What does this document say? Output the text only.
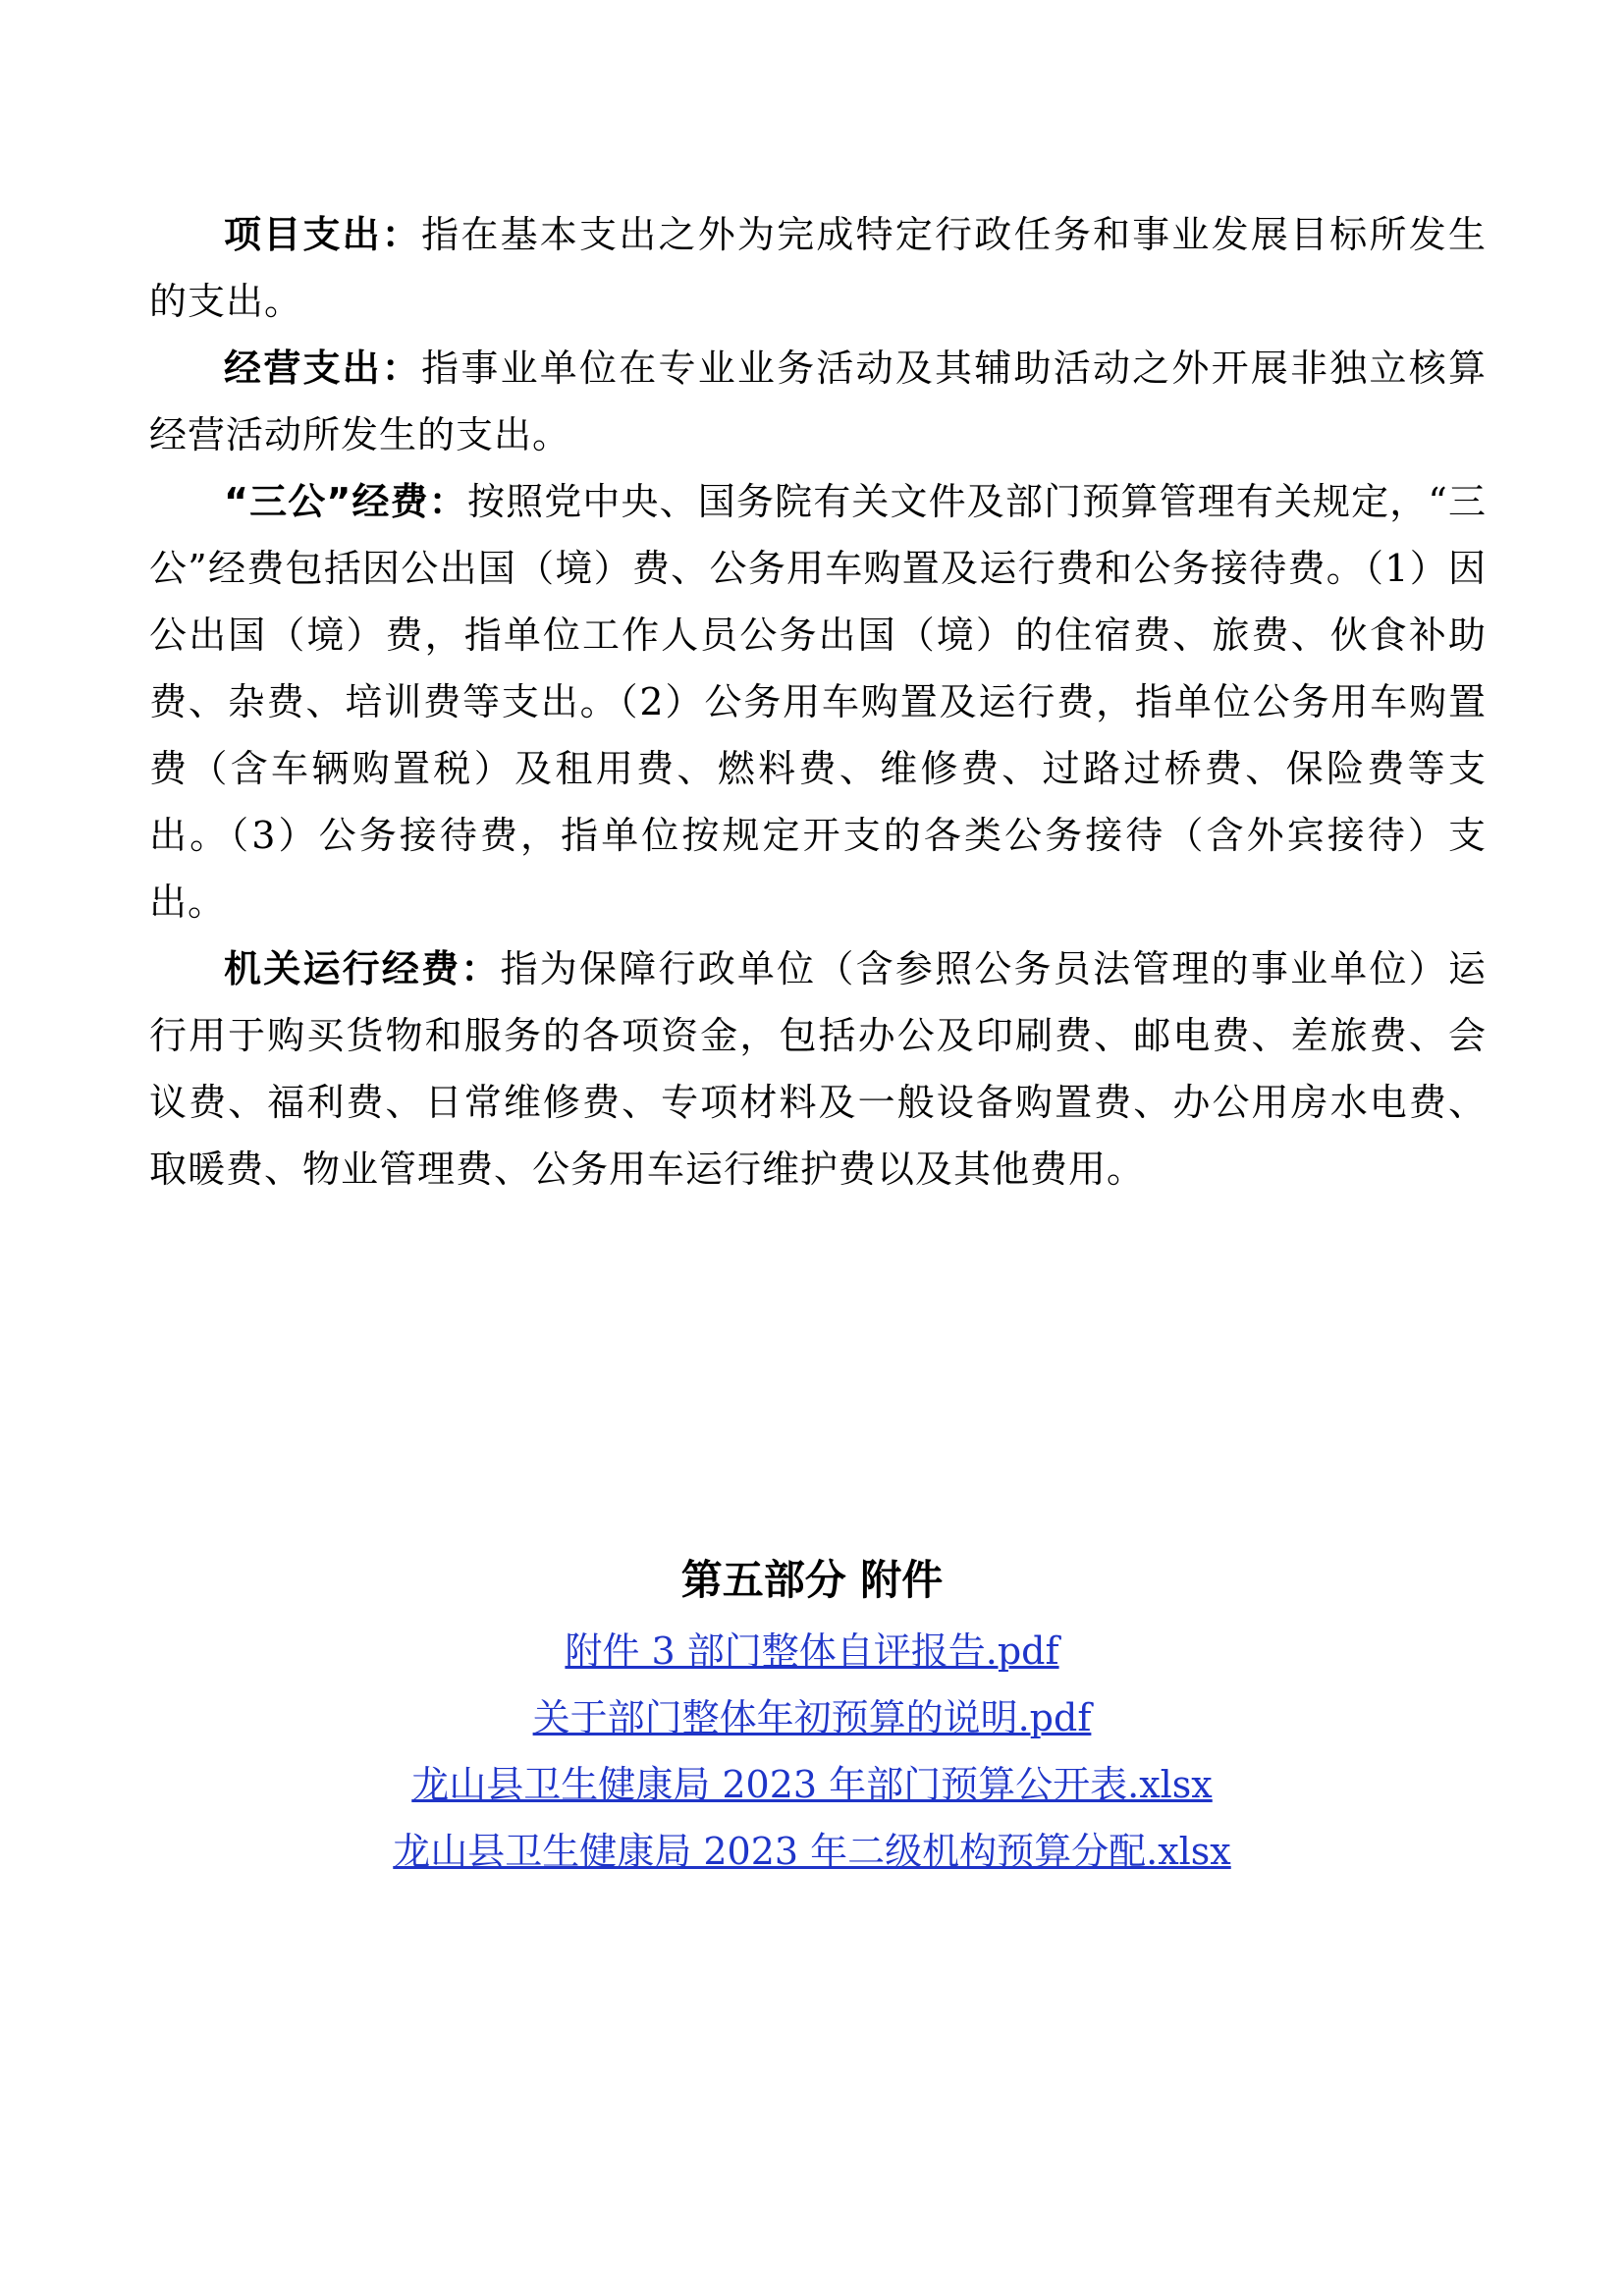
项目支出：指在基本支出之外为完成特定行政任务和事业发展目标所发生的支出。

经营支出：指事业单位在专业业务活动及其辅助活动之外开展非独立核算经营活动所发生的支出。

“三公”经费：按照党中央、国务院有关文件及部门预算管理有关规定，“三公”经费包括因公出国（境）费、公务用车购置及运行费和公务接待费。（1）因公出国（境）费，指单位工作人员公务出国（境）的住宿费、旅费、伙食补助费、杂费、培训费等支出。（2）公务用车购置及运行费，指单位公务用车购置费（含车辆购置税）及租用费、燃料费、维修费、过路过桥费、保险费等支出。（3）公务接待费，指单位按规定开支的各类公务接待（含外宾接待）支出。

机关运行经费：指为保障行政单位（含参照公务员法管理的事业单位）运行用于购买货物和服务的各项资金，包括办公及印刷费、邮电费、差旅费、会议费、福利费、日常维修费、专项材料及一般设备购置费、办公用房水电费、取暖费、物业管理费、公务用车运行维护费以及其他费用。

第五部分 附件
附件 3 部门整体自评报告.pdf
关于部门整体年初预算的说明.pdf
龙山县卫生健康局 2023 年部门预算公开表.xlsx
龙山县卫生健康局 2023 年二级机构预算分配.xlsx
